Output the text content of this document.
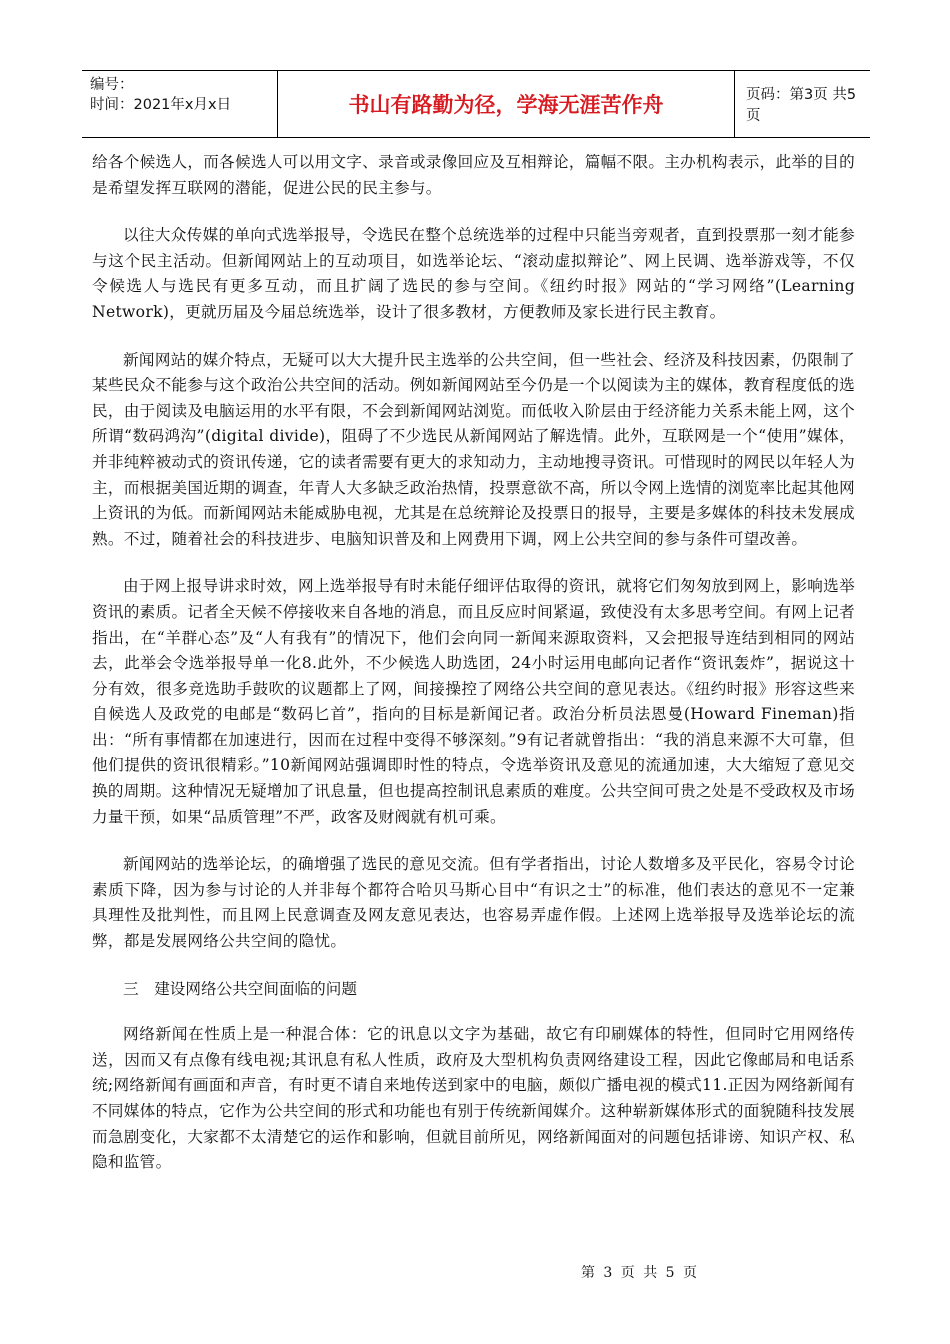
编号：
时间：2021年x月x日	书山有路勤为径，学海无涯苦作舟	页码：第3页 共5页

给各个候选人，而各候选人可以用文字、录音或录像回应及互相辩论，篇幅不限。主办机构表示，此举的目的是希望发挥互联网的潜能，促进公民的民主参与。

以往大众传媒的单向式选举报导，令选民在整个总统选举的过程中只能当旁观者，直到投票那一刻才能参与这个民主活动。但新闻网站上的互动项目，如选举论坛、“滚动虚拟辩论”、网上民调、选举游戏等，不仅令候选人与选民有更多互动，而且扩阔了选民的参与空间。《纽约时报》网站的“学习网络”(Learning Network)，更就历届及今届总统选举，设计了很多教材，方便教师及家长进行民主教育。

新闻网站的媒介特点，无疑可以大大提升民主选举的公共空间，但一些社会、经济及科技因素，仍限制了某些民众不能参与这个政治公共空间的活动。例如新闻网站至今仍是一个以阅读为主的媒体，教育程度低的选民，由于阅读及电脑运用的水平有限，不会到新闻网站浏览。而低收入阶层由于经济能力关系未能上网，这个所谓“数码鸿沟”(digital divide)，阻碍了不少选民从新闻网站了解选情。此外，互联网是一个“使用”媒体，并非纯粹被动式的资讯传递，它的读者需要有更大的求知动力，主动地搜寻资讯。可惜现时的网民以年轻人为主，而根据美国近期的调查，年青人大多缺乏政治热情，投票意欲不高，所以令网上选情的浏览率比起其他网上资讯的为低。而新闻网站未能威胁电视，尤其是在总统辩论及投票日的报导，主要是多媒体的科技未发展成熟。不过，随着社会的科技进步、电脑知识普及和上网费用下调，网上公共空间的参与条件可望改善。

由于网上报导讲求时效，网上选举报导有时未能仔细评估取得的资讯，就将它们匆匆放到网上，影响选举资讯的素质。记者全天候不停接收来自各地的消息，而且反应时间紧逼，致使没有太多思考空间。有网上记者指出，在“羊群心态”及“人有我有”的情况下，他们会向同一新闻来源取资料，又会把报导连结到相同的网站去，此举会令选举报导单一化8.此外，不少候选人助选团，24小时运用电邮向记者作“资讯轰炸”，据说这十分有效，很多竞选助手鼓吹的议题都上了网，间接操控了网络公共空间的意见表达。《纽约时报》形容这些来自候选人及政党的电邮是“数码匕首”，指向的目标是新闻记者。政治分析员法恩曼(Howard Fineman)指出：“所有事情都在加速进行，因而在过程中变得不够深刻。”9有记者就曾指出：“我的消息来源不大可靠，但他们提供的资讯很精彩。”10新闻网站强调即时性的特点，令选举资讯及意见的流通加速，大大缩短了意见交换的周期。这种情况无疑增加了讯息量，但也提高控制讯息素质的难度。公共空间可贵之处是不受政权及市场力量干预，如果“品质管理”不严，政客及财阀就有机可乘。

新闻网站的选举论坛，的确增强了选民的意见交流。但有学者指出，讨论人数增多及平民化，容易令讨论素质下降，因为参与讨论的人并非每个都符合哈贝马斯心目中“有识之士”的标准，他们表达的意见不一定兼具理性及批判性，而且网上民意调查及网友意见表达，也容易弄虚作假。上述网上选举报导及选举论坛的流弊，都是发展网络公共空间的隐忧。

三　建设网络公共空间面临的问题

网络新闻在性质上是一种混合体：它的讯息以文字为基础，故它有印刷媒体的特性，但同时它用网络传送，因而又有点像有线电视;其讯息有私人性质，政府及大型机构负责网络建设工程，因此它像邮局和电话系统;网络新闻有画面和声音，有时更不请自来地传送到家中的电脑，颇似广播电视的模式11.正因为网络新闻有不同媒体的特点，它作为公共空间的形式和功能也有别于传统新闻媒介。这种崭新媒体形式的面貌随科技发展而急剧变化，大家都不太清楚它的运作和影响，但就目前所见，网络新闻面对的问题包括诽谤、知识产权、私隐和监管。

第 3 页 共 5 页
